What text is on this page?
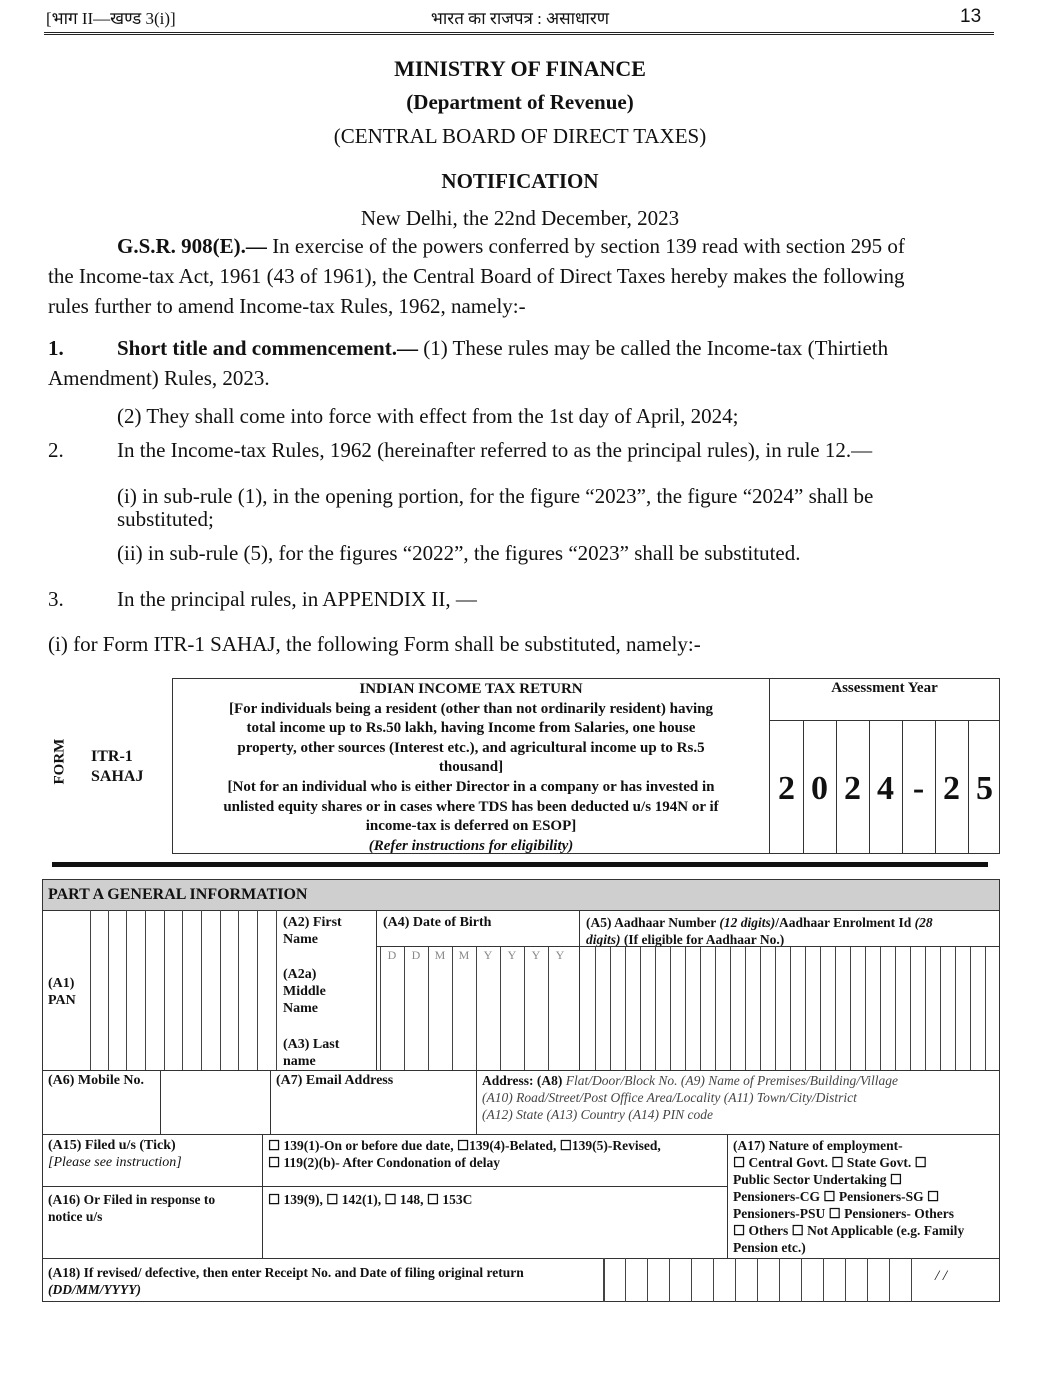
[भाग II—खण्ड 3(i)]	भारत का राजपत्र : असाधारण	13
MINISTRY OF FINANCE
(Department of Revenue)
(CENTRAL BOARD OF DIRECT TAXES)
NOTIFICATION
New Delhi, the 22nd December, 2023
G.S.R. 908(E).— In exercise of the powers conferred by section 139 read with section 295 of
the Income-tax Act, 1961 (43 of 1961), the Central Board of Direct Taxes hereby makes the following
rules further to amend Income-tax Rules, 1962, namely:-
1.	Short title and commencement.— (1) These rules may be called the Income-tax (Thirtieth
Amendment) Rules, 2023.
(2) They shall come into force with effect from the 1st day of April, 2024;
2.	In the Income-tax Rules, 1962 (hereinafter referred to as the principal rules), in rule 12.—
(i) in sub-rule (1), in the opening portion, for the figure “2023”, the figure “2024” shall be
substituted;
(ii) in sub-rule (5), for the figures “2022”, the figures “2023” shall be substituted.
3.	In the principal rules, in APPENDIX II, —
(i) for Form ITR-1 SAHAJ, the following Form shall be substituted, namely:-
FORM ITR-1
SAHAJ
INDIAN INCOME TAX RETURN
[For individuals being a resident (other than not ordinarily resident) having
total income up to Rs.50 lakh, having Income from Salaries, one house
property, other sources (Interest etc.), and agricultural income up to Rs.5
thousand]
[Not for an individual who is either Director in a company or has invested in
unlisted equity shares or in cases where TDS has been deducted u/s 194N or if
income-tax is deferred on ESOP]
(Refer instructions for eligibility)
Assessment Year
2 0 2 4 - 2 5
PART A GENERAL INFORMATION
(A1)
PAN
(A2) First
Name
(A2a)
Middle
Name
(A3) Last
name
(A4) Date of Birth
D	D	M	M	Y	Y	Y	Y
(A5) Aadhaar Number (12 digits)/Aadhaar Enrolment Id (28
digits) (If eligible for Aadhaar No.)
(A6) Mobile No.	(A7) Email Address	Address: (A8) Flat/Door/Block No. (A9) Name of Premises/Building/Village
(A10) Road/Street/Post Office Area/Locality (A11) Town/City/District
(A12) State (A13) Country (A14) PIN code
(A15) Filed u/s (Tick)
[Please see instruction]
☐ 139(1)-On or before due date, ☐139(4)-Belated, ☐139(5)-Revised,
☐ 119(2)(b)- After Condonation of delay
(A17) Nature of employment-
☐ Central Govt. ☐ State Govt. ☐
Public Sector Undertaking ☐
Pensioners-CG ☐ Pensioners-SG ☐
Pensioners-PSU ☐ Pensioners- Others
☐ Others ☐ Not Applicable (e.g. Family
Pension etc.)
(A16) Or Filed in response to
notice u/s
☐ 139(9), ☐ 142(1), ☐ 148, ☐ 153C
(A18) If revised/ defective, then enter Receipt No. and Date of filing original return
(DD/MM/YYYY)
/ /
